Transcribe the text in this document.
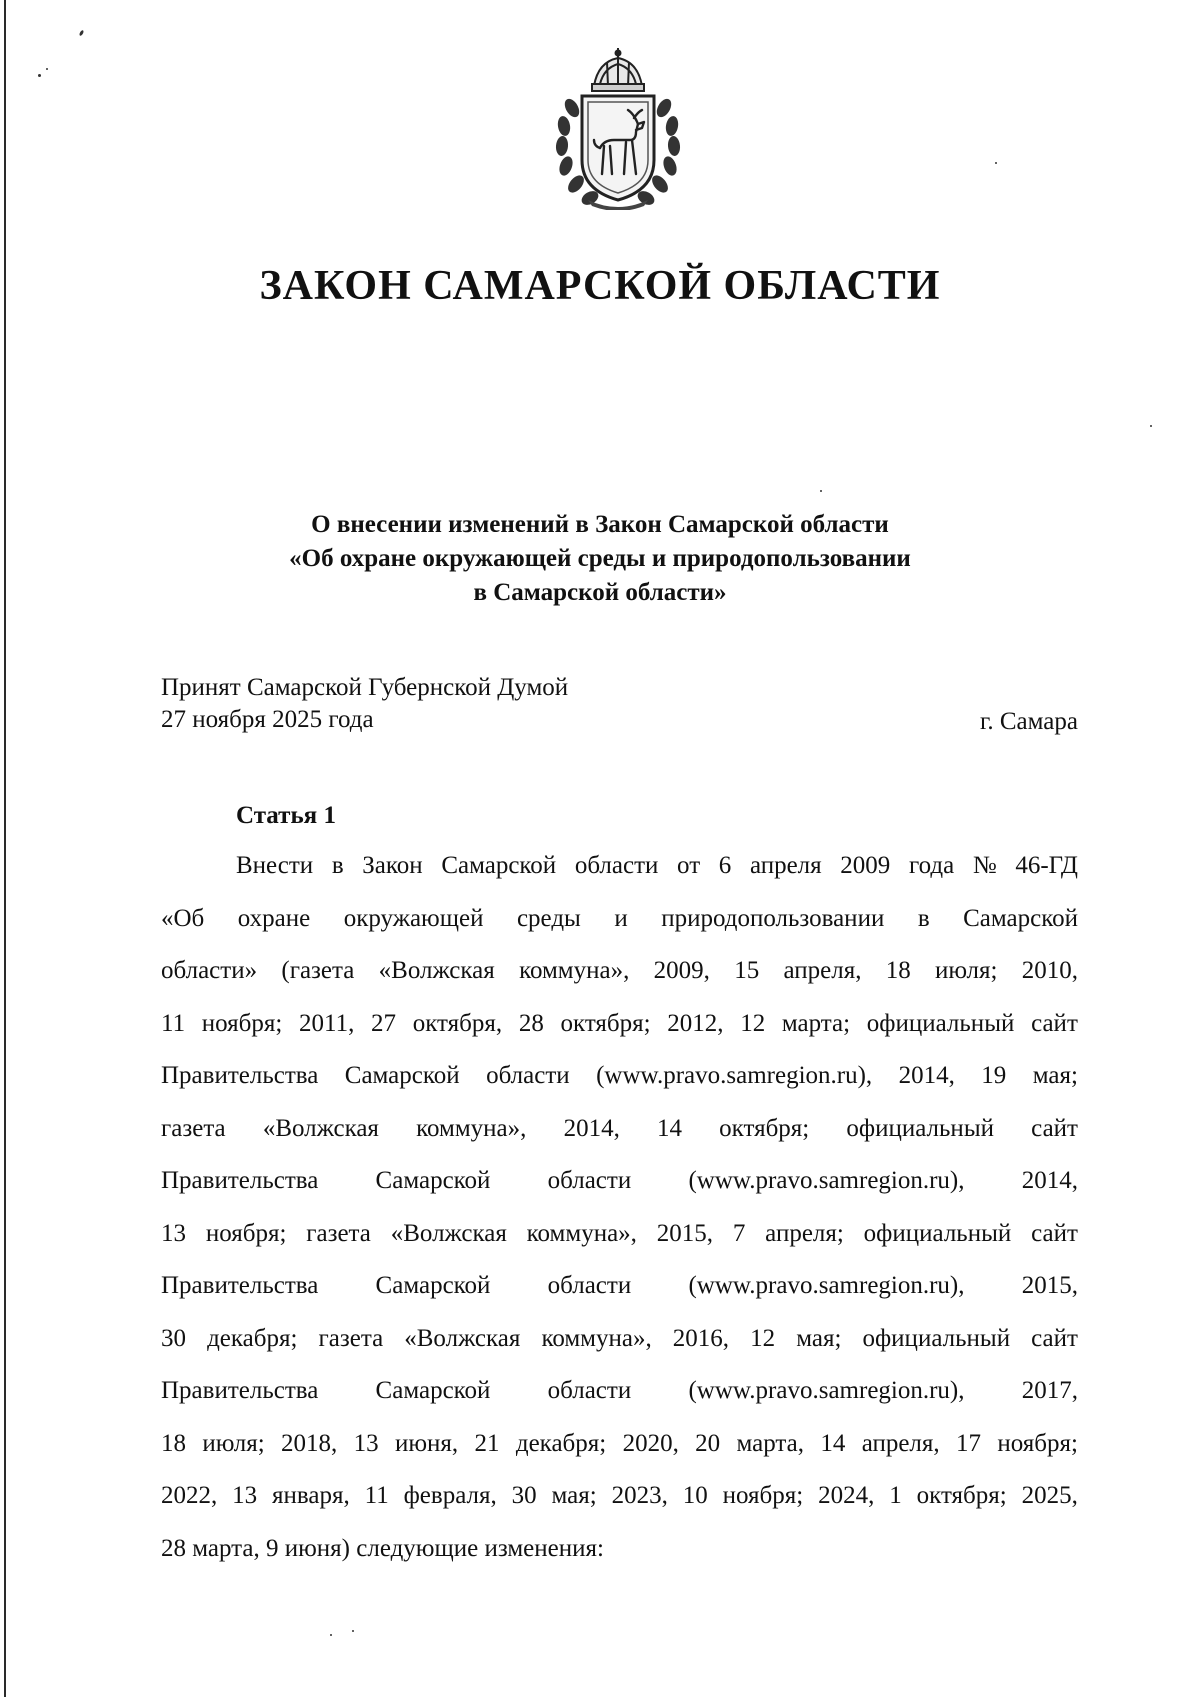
ЗАКОН САМАРСКОЙ ОБЛАСТИ
О внесении изменений в Закон Самарской области
«Об охране окружающей среды и природопользовании
в Самарской области»
Принят Самарской Губернской Думой
27 ноября 2025 года	г. Самара
Статья 1
Внести в Закон Самарской области от 6 апреля 2009 года № 46-ГД
«Об охране окружающей среды и природопользовании в Самарской
области» (газета «Волжская коммуна», 2009, 15 апреля, 18 июля; 2010,
11 ноября; 2011, 27 октября, 28 октября; 2012, 12 марта; официальный сайт
Правительства Самарской области (www.pravo.samregion.ru), 2014, 19 мая;
газета «Волжская коммуна», 2014, 14 октября; официальный сайт
Правительства Самарской области (www.pravo.samregion.ru), 2014,
13 ноября; газета «Волжская коммуна», 2015, 7 апреля; официальный сайт
Правительства Самарской области (www.pravo.samregion.ru), 2015,
30 декабря; газета «Волжская коммуна», 2016, 12 мая; официальный сайт
Правительства Самарской области (www.pravo.samregion.ru), 2017,
18 июля; 2018, 13 июня, 21 декабря; 2020, 20 марта, 14 апреля, 17 ноября;
2022, 13 января, 11 февраля, 30 мая; 2023, 10 ноября; 2024, 1 октября; 2025,
28 марта, 9 июня) следующие изменения:
